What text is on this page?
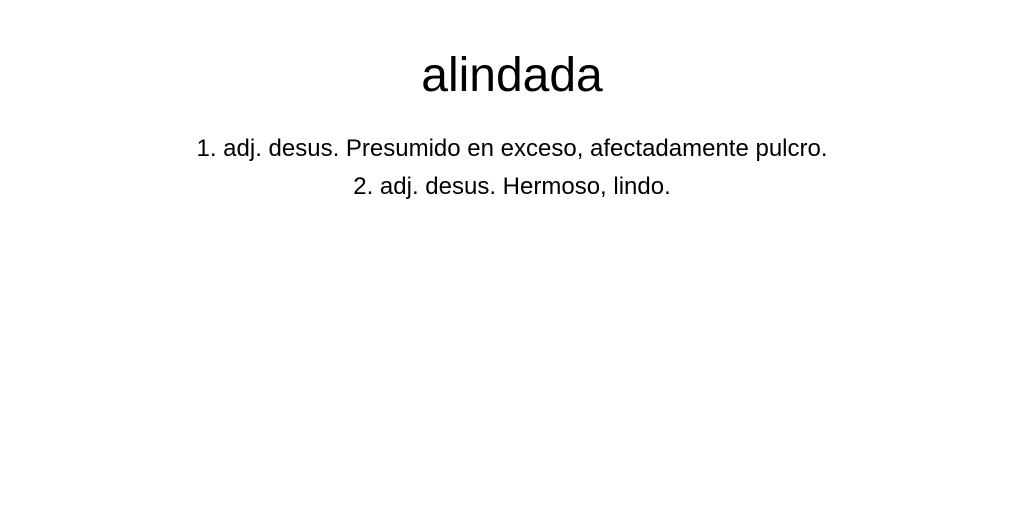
alindada
1. adj. desus. Presumido en exceso, afectadamente pulcro.
2. adj. desus. Hermoso, lindo.
